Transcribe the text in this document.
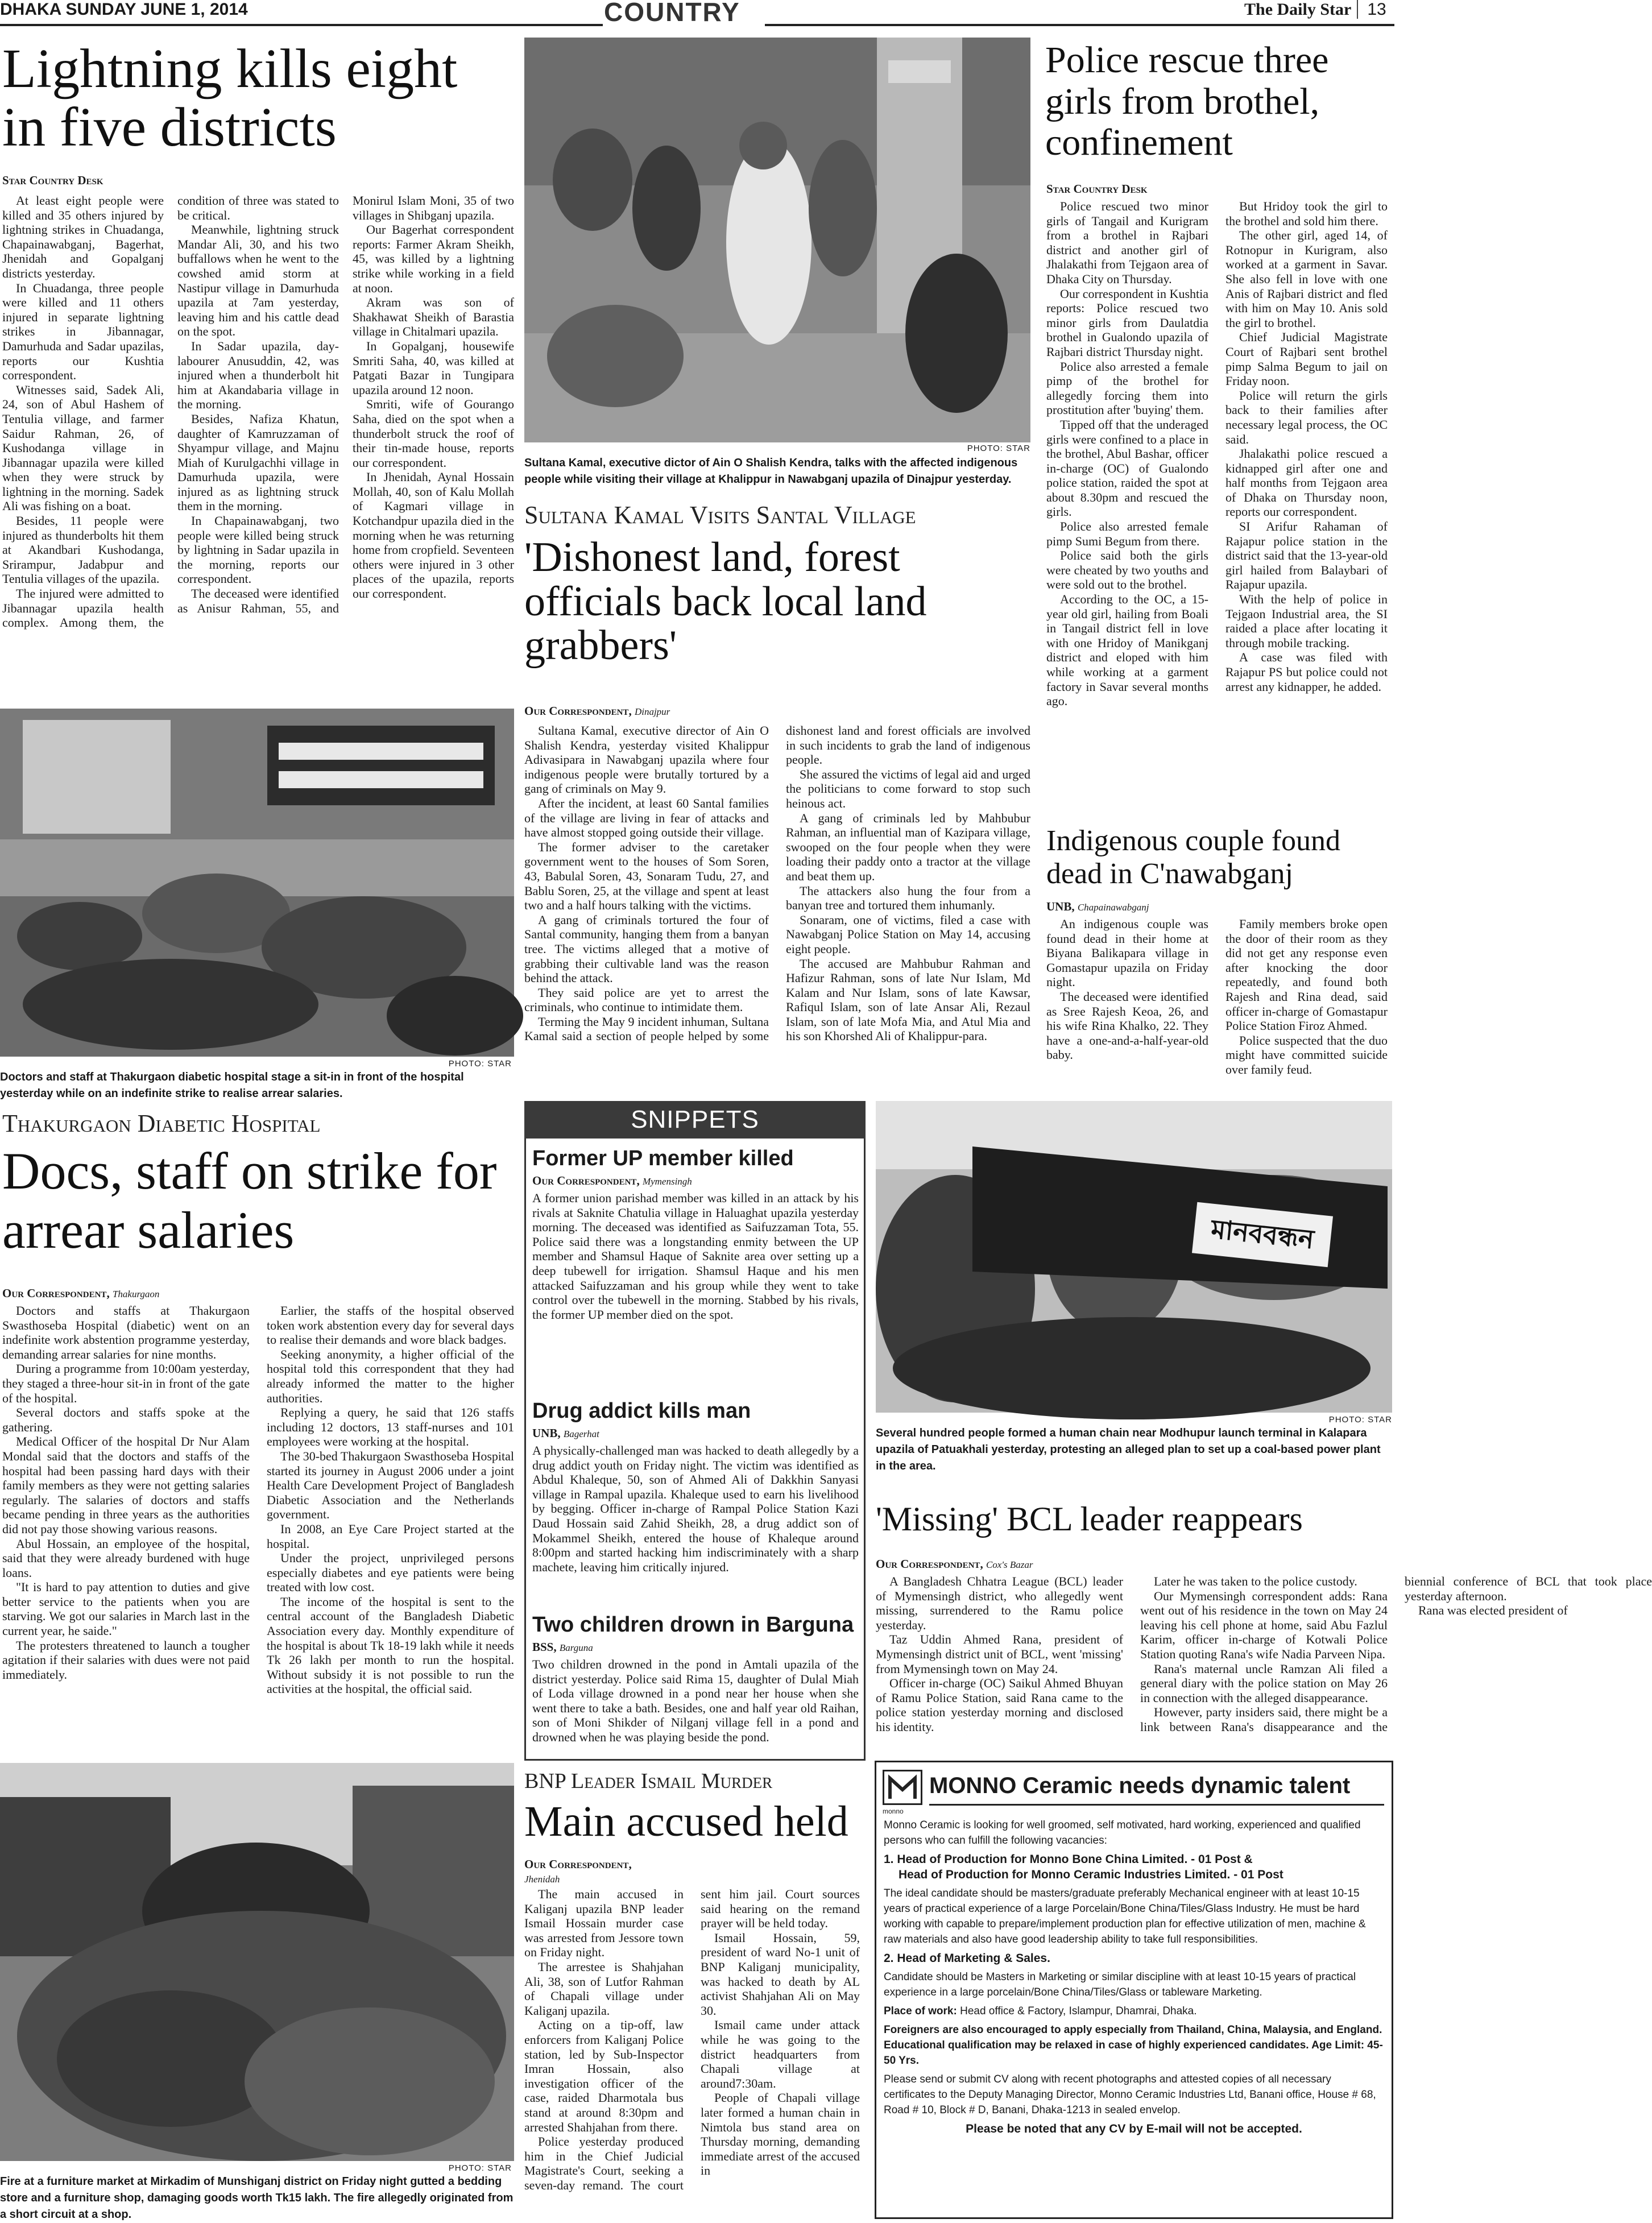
DHAKA SUNDAY JUNE 1, 2014	COUNTRY	The Daily Star 13
Lightning kills eight in five districts
Star Country Desk

At least eight people were killed and 35 others injured by lightning strikes in Chuadanga, Chapainawabganj, Bagerhat, Jhenidah and Gopalganj districts yesterday.

In Chuadanga, three people were killed and 11 others injured in separate lightning strikes in Jibannagar, Damurhuda and Sadar upazilas, reports our Kushtia correspondent.

Witnesses said, Sadek Ali, 24, son of Abul Hashem of Tentulia village, and farmer Saidur Rahman, 26, of Kushodanga village in Jibannagar upazila were killed when they were struck by lightning in the morning. Sadek Ali was fishing on a boat.

Besides, 11 people were injured as thunderbolts hit them at Akandbari Kushodanga, Srirampur, Jadabpur and Tentulia villages of the upazila.

The injured were admitted to Jibannagar upazila health complex. Among them, the condition of three was stated to be critical.

Meanwhile, lightning struck Mandar Ali, 30, and his two buffallows when he went to the cowshed amid storm at Nastipur village in Damurhuda upazila at 7am yesterday, leaving him and his cattle dead on the spot.

In Sadar upazila, day-labourer Anusuddin, 42, was injured when a thunderbolt hit him at Akandabaria village in the morning.

Besides, Nafiza Khatun, daughter of Kamruzzaman of Shyampur village, and Majnu Miah of Kurulgachhi village in Damurhuda upazila, were injured as as lightning struck them in the morning.

In Chapainawabganj, two people were killed being struck by lightning in Sadar upazila in the morning, reports our correspondent.

The deceased were identified as Anisur Rahman, 55, and Monirul Islam Moni, 35 of two villages in Shibganj upazila.

Our Bagerhat correspondent reports: Farmer Akram Sheikh, 45, was killed by a lightning strike while working in a field at noon.

Akram was son of Shakhawat Sheikh of Barastia village in Chitalmari upazila.

In Gopalganj, housewife Smriti Saha, 40, was killed at Patgati Bazar in Tungipara upazila around 12 noon.

Smriti, wife of Gourango Saha, died on the spot when a thunderbolt struck the roof of their tin-made house, reports our correspondent.

In Jhenidah, Aynal Hossain Mollah, 40, son of Kalu Mollah of Kagmari village in Kotchandpur upazila died in the morning when he was returning home from cropfield. Seventeen others were injured in 3 other places of the upazila, reports our correspondent.

PHOTO: STAR
Sultana Kamal, executive dictor of Ain O Shalish Kendra, talks with the affected indigenous people while visiting their village at Khalippur in Nawabganj upazila of Dinajpur yesterday.
Sultana Kamal Visits Santal Village
'Dishonest land, forest officials back local land grabbers'
Our Correspondent, Dinajpur

Sultana Kamal, executive director of Ain O Shalish Kendra, yesterday visited Khalippur Adivasipara in Nawabganj upazila where four indigenous people were brutally tortured by a gang of criminals on May 9.

After the incident, at least 60 Santal families of the village are living in fear of attacks and have almost stopped going outside their village.

The former adviser to the caretaker government went to the houses of Som Soren, 43, Babulal Soren, 43, Sonaram Tudu, 27, and Bablu Soren, 25, at the village and spent at least two and a half hours talking with the victims.

A gang of criminals tortured the four of Santal community, hanging them from a banyan tree. The victims alleged that a motive of grabbing their cultivable land was the reason behind the attack.

They said police are yet to arrest the criminals, who continue to intimidate them.

Terming the May 9 incident inhuman, Sultana Kamal said a section of people helped by some dishonest land and forest officials are involved in such incidents to grab the land of indigenous people.

She assured the victims of legal aid and urged the politicians to come forward to stop such heinous act.

A gang of criminals led by Mahbubur Rahman, an influential man of Kazipara village, swooped on the four people when they were loading their paddy onto a tractor at the village and beat them up.

The attackers also hung the four from a banyan tree and tortured them inhumanly.

Sonaram, one of victims, filed a case with Nawabganj Police Station on May 14, accusing eight people.

The accused are Mahbubur Rahman and Hafizur Rahman, sons of late Nur Islam, Md Kalam and Nur Islam, sons of late Kawsar, Rafiqul Islam, son of late Ansar Ali, Rezaul Islam, son of late Mofa Mia, and Atul Mia and his son Khorshed Ali of Khalippur-para.

Police rescue three girls from brothel, confinement
Star Country Desk

Police rescued two minor girls of Tangail and Kurigram from a brothel in Rajbari district and another girl of Jhalakathi from Tejgaon area of Dhaka City on Thursday.

Our correspondent in Kushtia reports: Police rescued two minor girls from Daulatdia brothel in Gualondo upazila of Rajbari district Thursday night.

Police also arrested a female pimp of the brothel for allegedly forcing them into prostitution after 'buying' them.

Tipped off that the underaged girls were confined to a place in the brothel, Abul Bashar, officer in-charge (OC) of Gualondo police station, raided the spot at about 8.30pm and rescued the girls.

Police also arrested female pimp Sumi Begum from there.

Police said both the girls were cheated by two youths and were sold out to the brothel.

According to the OC, a 15-year old girl, hailing from Boali in Tangail district fell in love with one Hridoy of Manikganj district and eloped with him while working at a garment factory in Savar several months ago.

But Hridoy took the girl to the brothel and sold him there.

The other girl, aged 14, of Rotnopur in Kurigram, also worked at a garment in Savar. She also fell in love with one Anis of Rajbari district and fled with him on May 10. Anis sold the girl to brothel.

Chief Judicial Magistrate Court of Rajbari sent brothel pimp Salma Begum to jail on Friday noon.

Police will return the girls back to their families after necessary legal process, the OC said.

Jhalakathi police rescued a kidnapped girl after one and half months from Tejgaon area of Dhaka on Thursday noon, reports our correspondent.

SI Arifur Rahaman of Rajapur police station in the district said that the 13-year-old girl hailed from Balaybari of Rajapur upazila.

With the help of police in Tejgaon Industrial area, the SI raided a place after locating it through mobile tracking.

A case was filed with Rajapur PS but police could not arrest any kidnapper, he added.

Indigenous couple found dead in C'nawabganj
UNB, Chapainawabganj

An indigenous couple was found dead in their home at Biyana Balikapara village in Gomastapur upazila on Friday night.

The deceased were identified as Sree Rajesh Keoa, 26, and his wife Rina Khalko, 22. They have a one-and-a-half-year-old baby.

Family members broke open the door of their room as they did not get any response even after knocking the door repeatedly, and found both Rajesh and Rina dead, said officer in-charge of Gomastapur Police Station Firoz Ahmed.

Police suspected that the duo might have committed suicide over family feud.

PHOTO: STAR
Doctors and staff at Thakurgaon diabetic hospital stage a sit-in in front of the hospital yesterday while on an indefinite strike to realise arrear salaries.
Thakurgaon Diabetic Hospital
Docs, staff on strike for arrear salaries
Our Correspondent, Thakurgaon

Doctors and staffs at Thakurgaon Swasthoseba Hospital (diabetic) went on an indefinite work abstention programme yesterday, demanding arrear salaries for nine months.

During a programme from 10:00am yesterday, they staged a three-hour sit-in in front of the gate of the hospital.

Several doctors and staffs spoke at the gathering.

Medical Officer of the hospital Dr Nur Alam Mondal said that the doctors and staffs of the hospital had been passing hard days with their family members as they were not getting salaries regularly. The salaries of doctors and staffs became pending in three years as the authorities did not pay those showing various reasons.

Abul Hossain, an employee of the hospital, said that they were already burdened with huge loans.

"It is hard to pay attention to duties and give better service to the patients when you are starving. We got our salaries in March last in the current year, he saide."

The protesters threatened to launch a tougher agitation if their salaries with dues were not paid immediately.

Earlier, the staffs of the hospital observed token work abstention every day for several days to realise their demands and wore black badges.

Seeking anonymity, a higher official of the hospital told this correspondent that they had already informed the matter to the higher authorities.

Replying a query, he said that 126 staffs including 12 doctors, 13 staff-nurses and 101 employees were working at the hospital.

The 30-bed Thakurgaon Swasthoseba Hospital started its journey in August 2006 under a joint Health Care Development Project of Bangladesh Diabetic Association and the Netherlands government.

In 2008, an Eye Care Project started at the hospital.

Under the project, unprivileged persons especially diabetes and eye patients were being treated with low cost.

The income of the hospital is sent to the central account of the Bangladesh Diabetic Association every day. Monthly expenditure of the hospital is about Tk 18-19 lakh while it needs Tk 26 lakh per month to run the hospital. Without subsidy it is not possible to run the activities at the hospital, the official said.

SNIPPETS
Former UP member killed
Our Correspondent, Mymensingh
A former union parishad member was killed in an attack by his rivals at Saknite Chatulia village in Haluaghat upazila yesterday morning. The deceased was identified as Saifuzzaman Tota, 55. Police said there was a longstanding enmity between the UP member and Shamsul Haque of Saknite area over setting up a deep tubewell for irrigation. Shamsul Haque and his men attacked Saifuzzaman and his group while they went to take control over the tubewell in the morning. Stabbed by his rivals, the former UP member died on the spot.
Drug addict kills man
UNB, Bagerhat
A physically-challenged man was hacked to death allegedly by a drug addict youth on Friday night. The victim was identified as Abdul Khaleque, 50, son of Ahmed Ali of Dakkhin Sanyasi village in Rampal upazila. Khaleque used to earn his livelihood by begging. Officer in-charge of Rampal Police Station Kazi Daud Hossain said Zahid Sheikh, 28, a drug addict son of Mokammel Sheikh, entered the house of Khaleque around 8:00pm and started hacking him indiscriminately with a sharp machete, leaving him critically injured.
Two children drown in Barguna
BSS, Barguna
Two children drowned in the pond in Amtali upazila of the district yesterday. Police said Rima 15, daughter of Dulal Miah of Loda village drowned in a pond near her house when she went there to take a bath. Besides, one and half year old Raihan, son of Moni Shikder of Nilganj village fell in a pond and drowned when he was playing beside the pond.
মানববন্ধন
PHOTO: STAR
Several hundred people formed a human chain near Modhupur launch terminal in Kalapara upazila of Patuakhali yesterday, protesting an alleged plan to set up a coal-based power plant in the area.
'Missing' BCL leader reappears
Our Correspondent, Cox's Bazar

A Bangladesh Chhatra League (BCL) leader of Mymensingh district, who allegedly went missing, surrendered to the Ramu police yesterday.

Taz Uddin Ahmed Rana, president of Mymensingh district unit of BCL, went 'missing' from Mymensingh town on May 24.

Officer in-charge (OC) Saikul Ahmed Bhuyan of Ramu Police Station, said Rana came to the police station yesterday morning and disclosed his identity.

Later he was taken to the police custody.

Our Mymensingh correspondent adds: Rana went out of his residence in the town on May 24 leaving his cell phone at home, said Abu Fazlul Karim, officer in-charge of Kotwali Police Station quoting Rana's wife Nadia Parveen Nipa.

Rana's maternal uncle Ramzan Ali filed a general diary with the police station on May 26 in connection with the alleged disappearance.

However, party insiders said, there might be a link between Rana's disappearance and the biennial conference of BCL that took place yesterday afternoon.

Rana was elected president of

PHOTO: STAR
Fire at a furniture market at Mirkadim of Munshiganj district on Friday night gutted a bedding store and a furniture shop, damaging goods worth Tk15 lakh. The fire allegedly originated from a short circuit at a shop.
BNP Leader Ismail Murder
Main accused held
Our Correspondent,
Jhenidah

The main accused in Kaliganj upazila BNP leader Ismail Hossain murder case was arrested from Jessore town on Friday night.

The arrestee is Shahjahan Ali, 38, son of Lutfor Rahman of Chapali village under Kaliganj upazila.

Acting on a tip-off, law enforcers from Kaliganj Police station, led by Sub-Inspector Imran Hossain, also investigation officer of the case, raided Dharmotala bus stand at around 8:30pm and arrested Shahjahan from there.

Police yesterday produced him in the Chief Judicial Magistrate's Court, seeking a seven-day remand. The court sent him jail. Court sources said hearing on the remand prayer will be held today.

Ismail Hossain, 59, president of ward No-1 unit of BNP Kaliganj municipality, was hacked to death by AL activist Shahjahan Ali on May 30.

Ismail came under attack while he was going to the district headquarters from Chapali village at around7:30am.

People of Chapali village later formed a human chain in Nimtola bus stand area on Thursday morning, demanding immediate arrest of the accused in

monno
MONNO Ceramic needs dynamic talent

Monno Ceramic is looking for well groomed, self motivated, hard working, experienced and qualified persons who can fulfill the following vacancies:

1. Head of Production for Monno Bone China Limited. - 01 Post &

Head of Production for Monno Ceramic Industries Limited. - 01 Post

The ideal candidate should be masters/graduate preferably Mechanical engineer with at least 10-15 years of practical experience of a large Porcelain/Bone China/Tiles/Glass Industry. He must be hard working with capable to prepare/implement production plan for effective utilization of men, machine & raw materials and also have good leadership ability to take full responsibilities.

2. Head of Marketing & Sales.

Candidate should be Masters in Marketing or similar discipline with at least 10-15 years of practical experience in a large porcelain/Bone China/Tiles/Glass or tableware Marketing.

Place of work: Head office & Factory, Islampur, Dhamrai, Dhaka.

Foreigners are also encouraged to apply especially from Thailand, China, Malaysia, and England. Educational qualification may be relaxed in case of highly experienced candidates. Age Limit: 45-50 Yrs.

Please send or submit CV along with recent photographs and attested copies of all necessary certificates to the Deputy Managing Director, Monno Ceramic Industries Ltd, Banani office, House # 68, Road # 10, Block # D, Banani, Dhaka-1213 in sealed envelop.

Please be noted that any CV by E-mail will not be accepted.
